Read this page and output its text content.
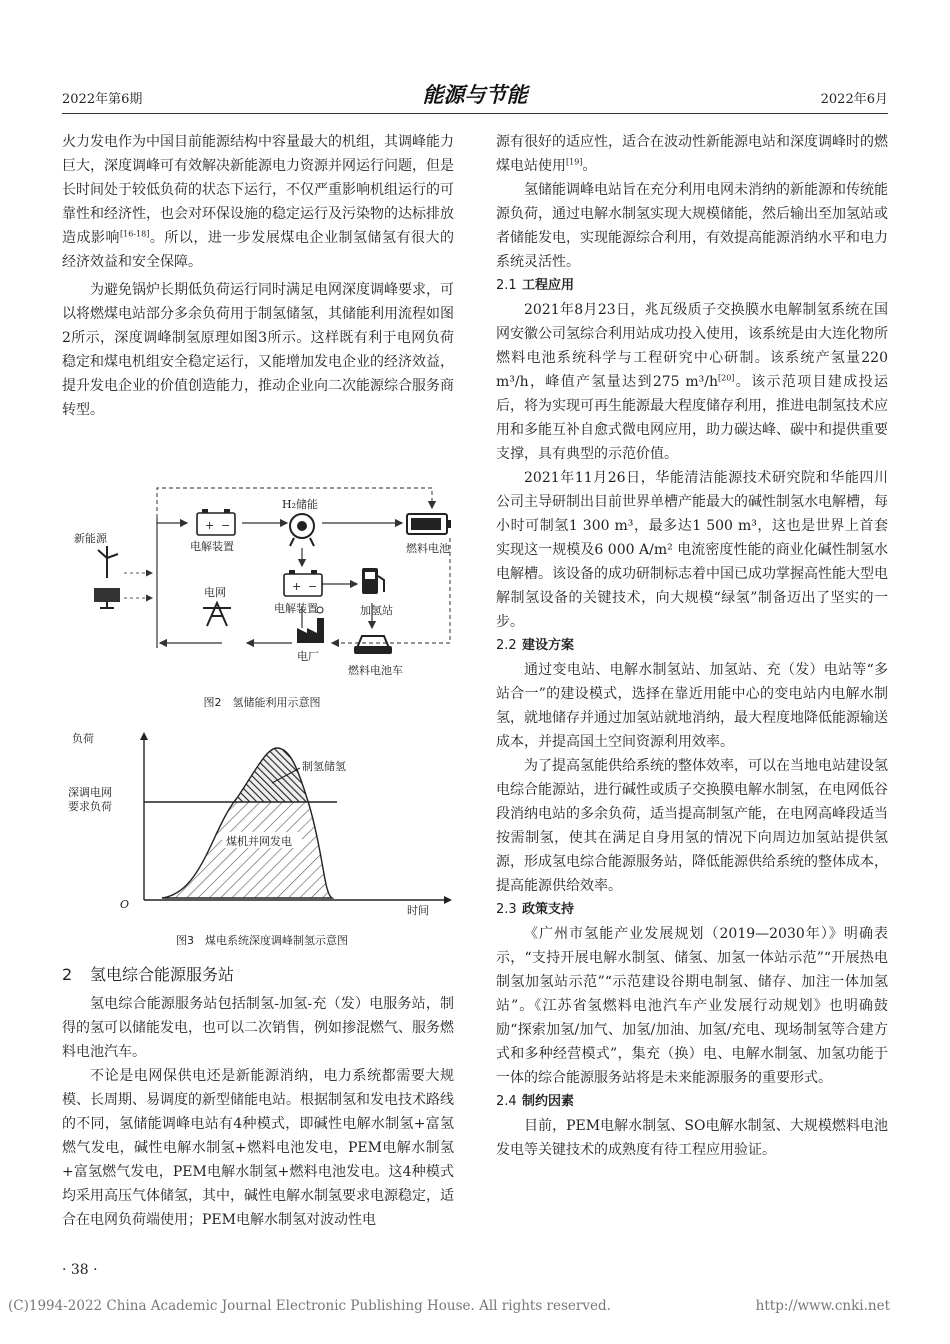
2022年第6期	能源与节能	2022年6月

火力发电作为中国目前能源结构中容量最大的机组，其调峰能力巨大，深度调峰可有效解决新能源电力资源并网运行问题，但是长时间处于较低负荷的状态下运行，不仅严重影响机组运行的可靠性和经济性，也会对环保设施的稳定运行及污染物的达标排放造成影响[16-18]。所以，进一步发展煤电企业制氢储氢有很大的经济效益和安全保障。

为避免锅炉长期低负荷运行同时满足电网深度调峰要求，可以将燃煤电站部分多余负荷用于制氢储氢，其储能利用流程如图2所示，深度调峰制氢原理如图3所示。这样既有利于电网负荷稳定和煤电机组安全稳定运行，又能增加发电企业的经济效益，提升发电企业的价值创造能力，推动企业向二次能源综合服务商转型。

新能源
+ −
电解装置
H₂储能
燃料电池
+ −
电解装置	加氢站
电网
电厂
燃料电池车
图2　氢储能利用示意图
负荷
时间
O
深调电网
要求负荷
制氢储氢
煤机并网发电
图3　煤电系统深度调峰制氢示意图
2 氢电综合能源服务站

氢电综合能源服务站包括制氢-加氢-充（发）电服务站，制得的氢可以储能发电，也可以二次销售，例如掺混燃气、服务燃料电池汽车。

不论是电网保供电还是新能源消纳，电力系统都需要大规模、长周期、易调度的新型储能电站。根据制氢和发电技术路线的不同，氢储能调峰电站有4种模式，即碱性电解水制氢+富氢燃气发电，碱性电解水制氢+燃料电池发电，PEM电解水制氢+富氢燃气发电，PEM电解水制氢+燃料电池发电。这4种模式均采用高压气体储氢，其中，碱性电解水制氢要求电源稳定，适合在电网负荷端使用；PEM电解水制氢对波动性电

源有很好的适应性，适合在波动性新能源电站和深度调峰时的燃煤电站使用[19]。

氢储能调峰电站旨在充分利用电网未消纳的新能源和传统能源负荷，通过电解水制氢实现大规模储能，然后输出至加氢站或者储能发电，实现能源综合利用，有效提高能源消纳水平和电力系统灵活性。

2.1 工程应用

2021年8月23日，兆瓦级质子交换膜水电解制氢系统在国网安徽公司氢综合利用站成功投入使用，该系统是由大连化物所燃料电池系统科学与工程研究中心研制。该系统产氢量220 m³/h，峰值产氢量达到275 m³/h[20]。该示范项目建成投运后，将为实现可再生能源最大程度储存利用，推进电制氢技术应用和多能互补自愈式微电网应用，助力碳达峰、碳中和提供重要支撑，具有典型的示范价值。

2021年11月26日，华能清洁能源技术研究院和华能四川公司主导研制出目前世界单槽产能最大的碱性制氢水电解槽，每小时可制氢1 300 m³，最多达1 500 m³，这也是世界上首套实现这一规模及6 000 A/m² 电流密度性能的商业化碱性制氢水电解槽。该设备的成功研制标志着中国已成功掌握高性能大型电解制氢设备的关键技术，向大规模“绿氢”制备迈出了坚实的一步。

2.2 建设方案

通过变电站、电解水制氢站、加氢站、充（发）电站等“多站合一”的建设模式，选择在靠近用能中心的变电站内电解水制氢，就地储存并通过加氢站就地消纳，最大程度地降低能源输送成本，并提高国土空间资源利用效率。

为了提高氢能供给系统的整体效率，可以在当地电站建设氢电综合能源站，进行碱性或质子交换膜电解水制氢，在电网低谷段消纳电站的多余负荷，适当提高制氢产能，在电网高峰段适当按需制氢，使其在满足自身用氢的情况下向周边加氢站提供氢源，形成氢电综合能源服务站，降低能源供给系统的整体成本，提高能源供给效率。

2.3 政策支持

《广州市氢能产业发展规划（2019—2030年）》明确表示，“支持开展电解水制氢、储氢、加氢一体站示范”“开展热电制氢加氢站示范”“示范建设谷期电制氢、储存、加注一体加氢站”。《江苏省氢燃料电池汽车产业发展行动规划》也明确鼓励“探索加氢/加气、加氢/加油、加氢/充电、现场制氢等合建方式和多种经营模式”，集充（换）电、电解水制氢、加氢功能于一体的综合能源服务站将是未来能源服务的重要形式。

2.4 制约因素

目前，PEM电解水制氢、SO电解水制氢、大规模燃料电池发电等关键技术的成熟度有待工程应用验证。

· 38 ·
(C)1994-2022 China Academic Journal Electronic Publishing House. All rights reserved.	http://www.cnki.net
